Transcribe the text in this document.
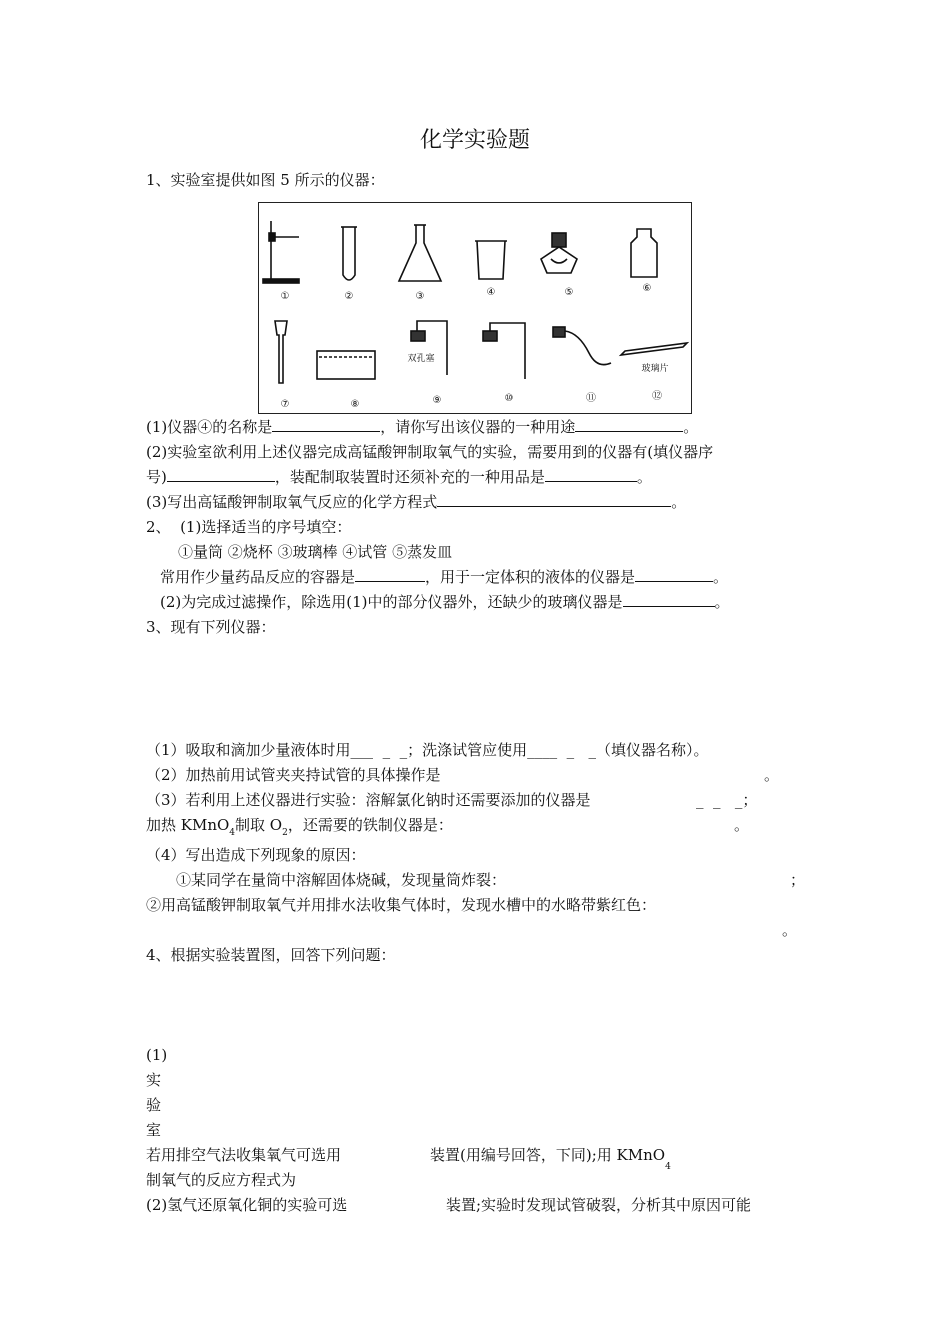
化学实验题
1、实验室提供如图 5 所示的仪器：
①	②	③	④	⑤	⑥
⑦	⑧	⑨	⑩	⑪	⑫
双孔塞
玻璃片
(1)仪器④的名称是	，请你写出该仪器的一种用途	。
(2)实验室欲利用上述仪器完成高锰酸钾制取氧气的实验，需要用到的仪器有(填仪器序
号)	，装配制取装置时还须补充的一种用品是	。
(3)写出高锰酸钾制取氧气反应的化学方程式	。
2、  (1)选择适当的序号填空：
①量筒 ②烧杯 ③玻璃棒 ④试管 ⑤蒸发皿
常用作少量药品反应的容器是	，用于一定体积的液体的仪器是	。
(2)为完成过滤操作，除选用(1)中的部分仪器外，还缺少的玻璃仪器是	。
3、现有下列仪器：
（1）吸取和滴加少量液体时用___  _  _；洗涤试管应使用____  _   _（填仪器名称）。
（2）加热前用试管夹夹持试管的具体操作是	。
（3）若利用上述仪器进行实验：溶解氯化钠时还需要添加的仪器是	_  _   _；
加热 KMnO$_4$制取 $O_2$，还需要的铁制仪器是：	。
（4）写出造成下列现象的原因：
①某同学在量筒中溶解固体烧碱，发现量筒炸裂：	；
②用高锰酸钾制取氧气并用排水法收集气体时，发现水槽中的水略带紫红色：
。
4、根据实验装置图，回答下列问题：
(1)
实
验
室
若用排空气法收集氧气可选用	装置(用编号回答，下同);用 KMnO$_4$
制氧气的反应方程式为
(2)氢气还原氧化铜的实验可选	装置;实验时发现试管破裂，分析其中原因可能
